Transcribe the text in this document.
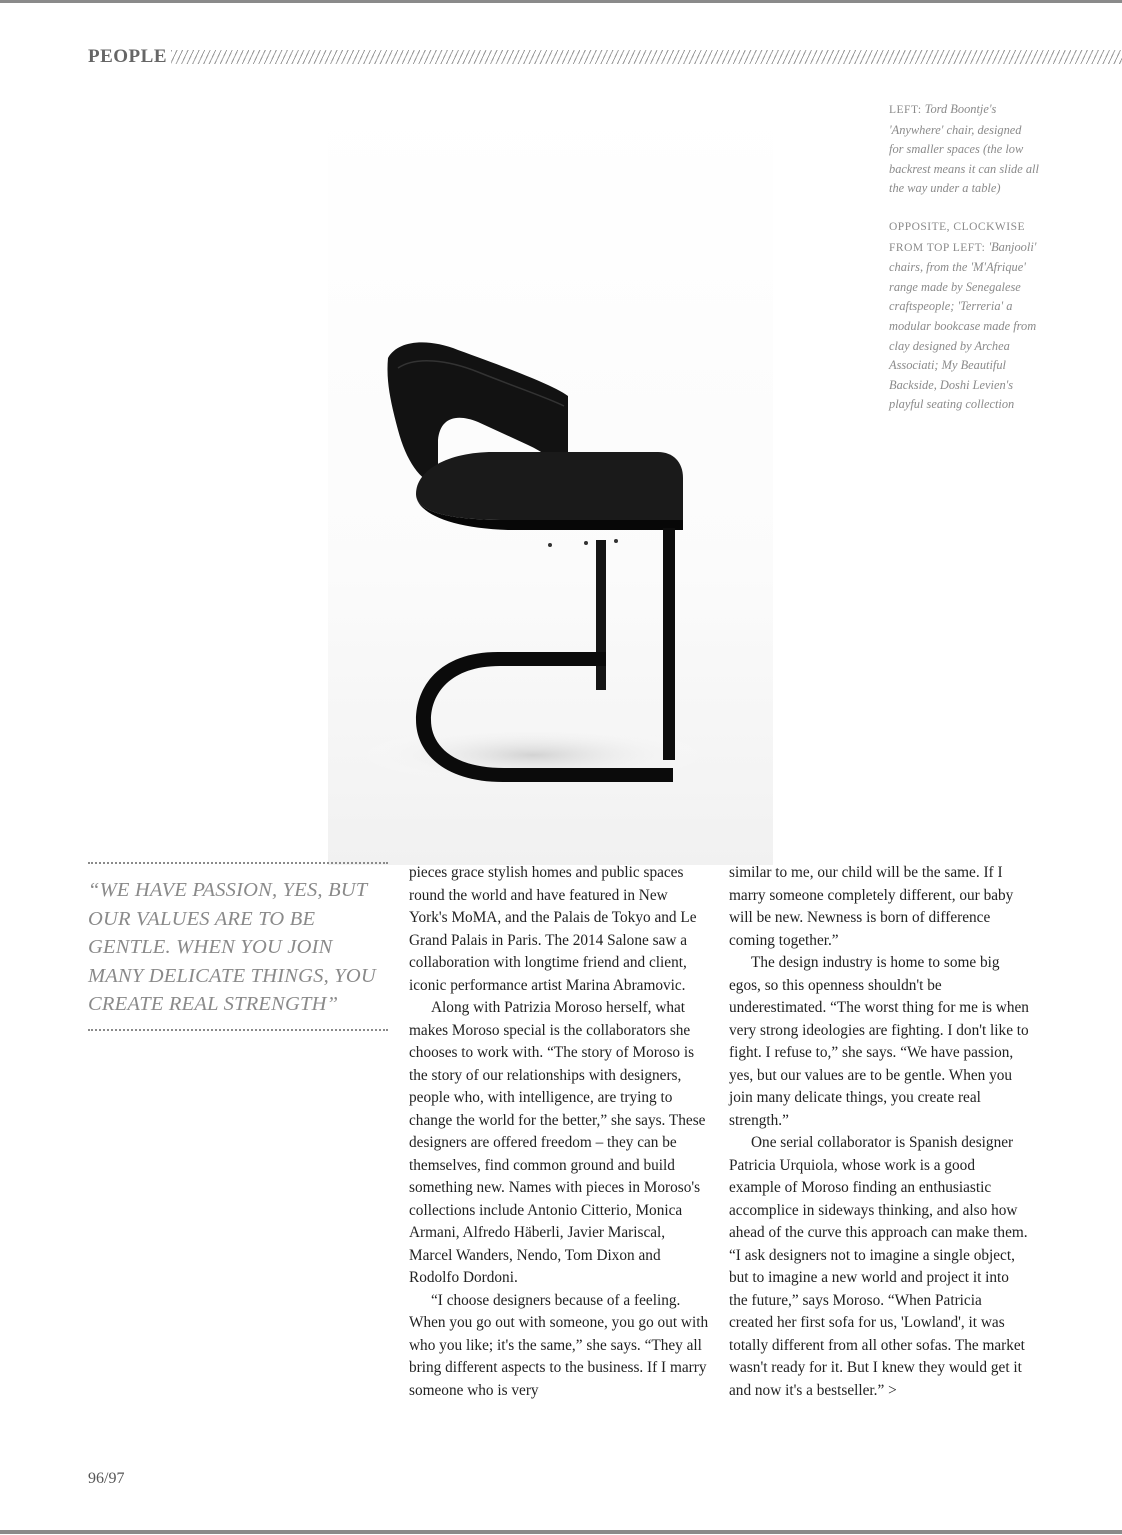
PEOPLE

LEFT: Tord Boontje's 'Anywhere' chair, designed for smaller spaces (the low backrest means it can slide all the way under a table)

OPPOSITE, CLOCKWISE FROM TOP LEFT: 'Banjooli' chairs, from the 'M'Afrique' range made by Senegalese craftspeople; 'Terreria' a modular bookcase made from clay designed by Archea Associati; My Beautiful Backside, Doshi Levien's playful seating collection

“WE HAVE PASSION, YES, BUT OUR VALUES ARE TO BE GENTLE. WHEN YOU JOIN MANY DELICATE THINGS, YOU CREATE REAL STRENGTH”

pieces grace stylish homes and public spaces round the world and have featured in New York's MoMA, and the Palais de Tokyo and Le Grand Palais in Paris. The 2014 Salone saw a collaboration with longtime friend and client, iconic performance artist Marina Abramovic.

Along with Patrizia Moroso herself, what makes Moroso special is the collaborators she chooses to work with. “The story of Moroso is the story of our relationships with designers, people who, with intelligence, are trying to change the world for the better,” she says. These designers are offered freedom – they can be themselves, find common ground and build something new. Names with pieces in Moroso's collections include Antonio Citterio, Monica Armani, Alfredo Häberli, Javier Mariscal, Marcel Wanders, Nendo, Tom Dixon and Rodolfo Dordoni.

“I choose designers because of a feeling. When you go out with someone, you go out with who you like; it's the same,” she says. “They all bring different aspects to the business. If I marry someone who is very

similar to me, our child will be the same. If I marry someone completely different, our baby will be new. Newness is born of difference coming together.”

The design industry is home to some big egos, so this openness shouldn't be underestimated. “The worst thing for me is when very strong ideologies are fighting. I don't like to fight. I refuse to,” she says. “We have passion, yes, but our values are to be gentle. When you join many delicate things, you create real strength.”

One serial collaborator is Spanish designer Patricia Urquiola, whose work is a good example of Moroso finding an enthusiastic accomplice in sideways thinking, and also how ahead of the curve this approach can make them. “I ask designers not to imagine a single object, but to imagine a new world and project it into the future,” says Moroso. “When Patricia created her first sofa for us, 'Lowland', it was totally different from all other sofas. The market wasn't ready for it. But I knew they would get it and now it's a bestseller.” >

96/97
